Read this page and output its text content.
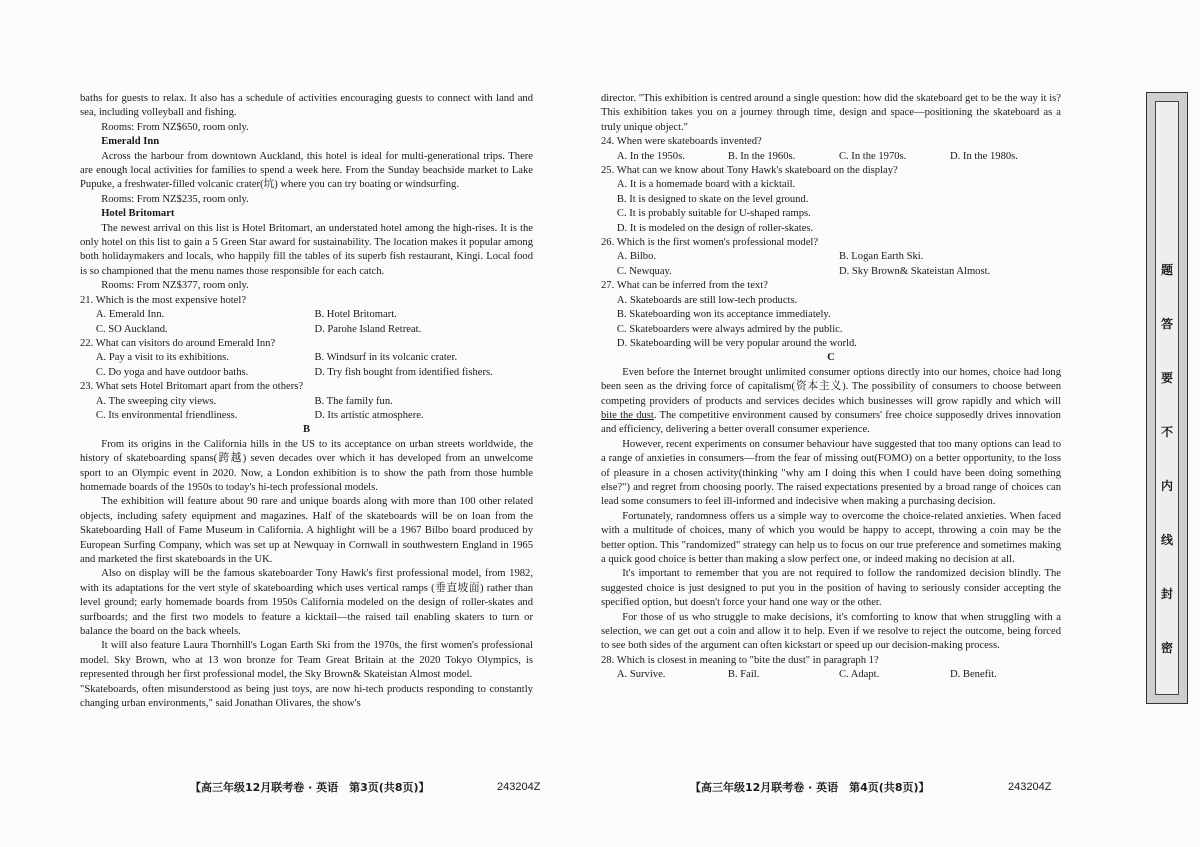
baths for guests to relax. It also has a schedule of activities encouraging guests to connect with land and sea, including volleyball and fishing.

Rooms: From NZ$650, room only.

Emerald Inn

Across the harbour from downtown Auckland, this hotel is ideal for multi-generational trips. There are enough local activities for families to spend a week here. From the Sunday beachside market to Lake Pupuke, a freshwater-filled volcanic crater(坑) where you can try boating or windsurfing.

Rooms: From NZ$235, room only.

Hotel Britomart

The newest arrival on this list is Hotel Britomart, an understated hotel among the high-rises. It is the only hotel on this list to gain a 5 Green Star award for sustainability. The location makes it popular among both holidaymakers and locals, who happily fill the tables of its superb fish restaurant, Kingi. Local food is so championed that the menu names those responsible for each catch.

Rooms: From NZ$377, room only.

21. Which is the most expensive hotel?

A. Emerald Inn.	B. Hotel Britomart.
C. SO Auckland.	D. Parohe Island Retreat.

22. What can visitors do around Emerald Inn?

A. Pay a visit to its exhibitions.	B. Windsurf in its volcanic crater.
C. Do yoga and have outdoor baths.	D. Try fish bought from identified fishers.

23. What sets Hotel Britomart apart from the others?

A. The sweeping city views.	B. The family fun.
C. Its environmental friendliness.	D. Its artistic atmosphere.

B

From its origins in the California hills in the US to its acceptance on urban streets worldwide, the history of skateboarding spans(跨越) seven decades over which it has developed from an unwelcome sport to an Olympic event in 2020. Now, a London exhibition is to show the path from those humble homemade boards of the 1950s to today's hi-tech professional models.

The exhibition will feature about 90 rare and unique boards along with more than 100 other related objects, including safety equipment and magazines. Half of the skateboards will be on loan from the Skateboarding Hall of Fame Museum in California. A highlight will be a 1967 Bilbo board produced by European Surfing Company, which was set up at Newquay in Cornwall in southwestern England in 1965 and marketed the first skateboards in the UK.

Also on display will be the famous skateboarder Tony Hawk's first professional model, from 1982, with its adaptations for the vert style of skateboarding which uses vertical ramps (垂直坡面) rather than level ground; early homemade boards from 1950s California modeled on the design of roller-skates and surfboards; and the first two models to feature a kicktail—the raised tail enabling skaters to turn or balance the board on the back wheels.

It will also feature Laura Thornhill's Logan Earth Ski from the 1970s, the first women's professional model. Sky Brown, who at 13 won bronze for Team Great Britain at the 2020 Tokyo Olympics, is represented through her first professional model, the Sky Brown& Skateistan Almost model.

"Skateboards, often misunderstood as being just toys, are now hi-tech products responding to constantly changing urban environments," said Jonathan Olivares, the show's

【高三年级12月联考卷 · 英语　第3页(共8页)】	243204Z

director. "This exhibition is centred around a single question: how did the skateboard get to be the way it is? This exhibition takes you on a journey through time, design and space—positioning the skateboard as a truly unique object."

24. When were skateboards invented?

A. In the 1950s.	B. In the 1960s.	C. In the 1970s.	D. In the 1980s.

25. What can we know about Tony Hawk's skateboard on the display?

A. It is a homemade board with a kicktail.
B. It is designed to skate on the level ground.
C. It is probably suitable for U-shaped ramps.
D. It is modeled on the design of roller-skates.

26. Which is the first women's professional model?

A. Bilbo.	B. Logan Earth Ski.
C. Newquay.	D. Sky Brown& Skateistan Almost.

27. What can be inferred from the text?

A. Skateboards are still low-tech products.
B. Skateboarding won its acceptance immediately.
C. Skateboarders were always admired by the public.
D. Skateboarding will be very popular around the world.

C

Even before the Internet brought unlimited consumer options directly into our homes, choice had long been seen as the driving force of capitalism(资本主义). The possibility of consumers to choose between competing providers of products and services decides which businesses will grow rapidly and which will bite the dust. The competitive environment caused by consumers' free choice supposedly drives innovation and efficiency, delivering a better overall consumer experience.

However, recent experiments on consumer behaviour have suggested that too many options can lead to a range of anxieties in consumers—from the fear of missing out(FOMO) on a better opportunity, to the loss of pleasure in a chosen activity(thinking "why am I doing this when I could have been doing something else?") and regret from choosing poorly. The raised expectations presented by a broad range of choices can lead some consumers to feel ill-informed and indecisive when making a purchasing decision.

Fortunately, randomness offers us a simple way to overcome the choice-related anxieties. When faced with a multitude of choices, many of which you would be happy to accept, throwing a coin may be the better option. This "randomized" strategy can help us to focus on our true preference and sometimes making a quick good choice is better than making a slow perfect one, or indeed making no decision at all.

It's important to remember that you are not required to follow the randomized decision blindly. The suggested choice is just designed to put you in the position of having to seriously consider accepting the specified option, but doesn't force your hand one way or the other.

For those of us who struggle to make decisions, it's comforting to know that when struggling with a selection, we can get out a coin and allow it to help. Even if we resolve to reject the outcome, being forced to see both sides of the argument can often kickstart or speed up our decision-making process.

28. Which is closest in meaning to "bite the dust" in paragraph 1?

A. Survive.	B. Fail.	C. Adapt.	D. Benefit.
【高三年级12月联考卷 · 英语　第4页(共8页)】	243204Z
题
答
要
不
内
线
封
密
